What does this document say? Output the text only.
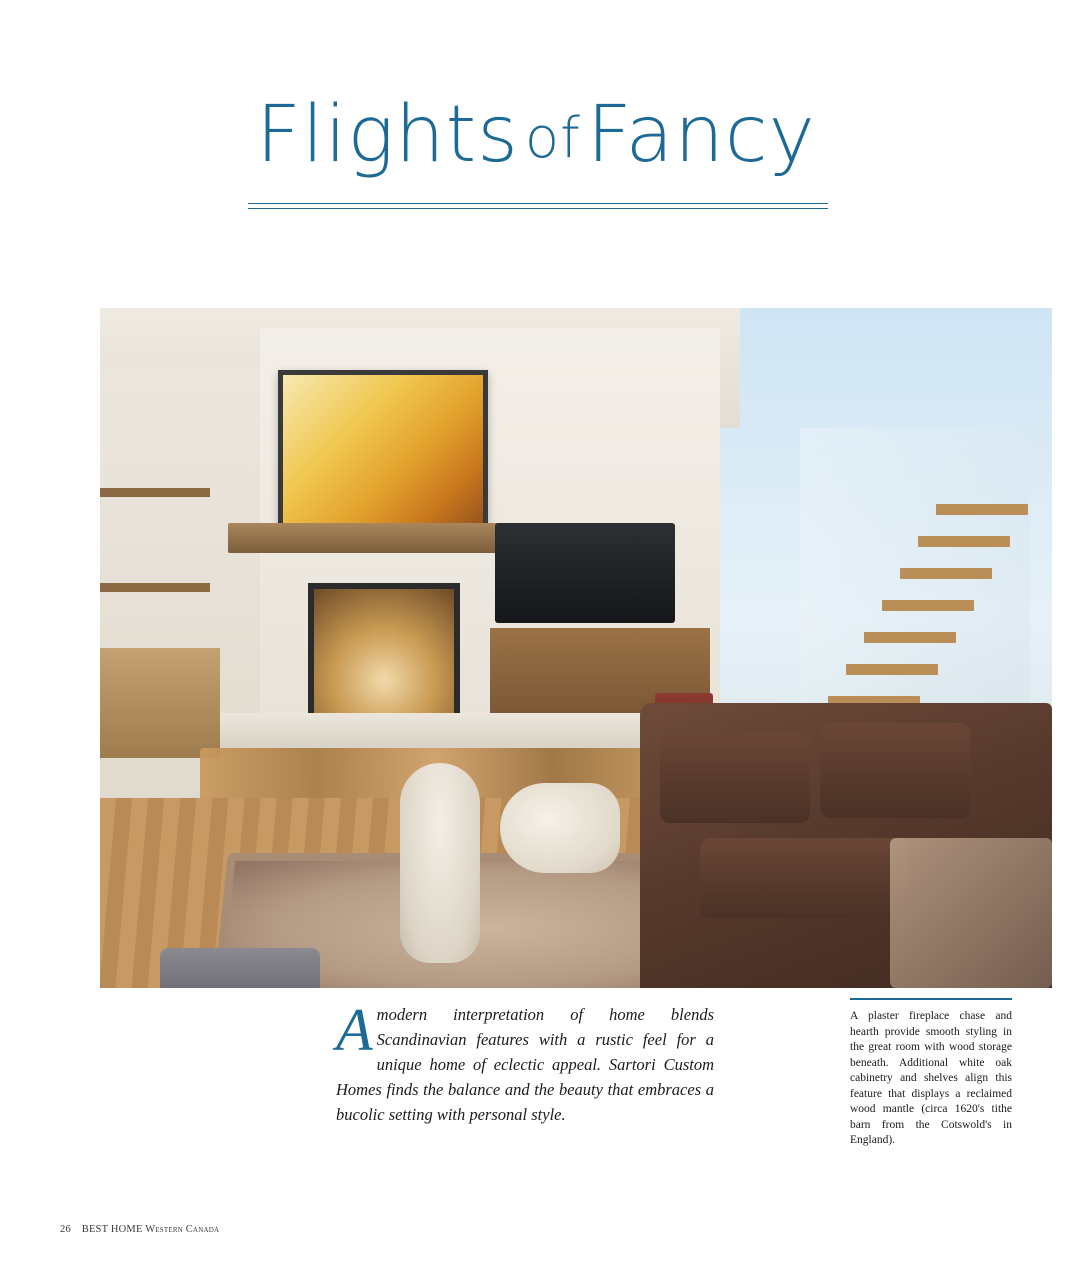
Flights ofFancy
A modern interpretation of home blends Scandinavian features with a rustic feel for a unique home of eclectic appeal. Sartori Custom Homes finds the balance and the beauty that embraces a bucolic setting with personal style.

A plaster fireplace chase and hearth provide smooth styling in the great room with wood storage beneath. Additional white oak cabinetry and shelves align this feature that displays a reclaimed wood mantle (circa 1620's tithe barn from the Cotswold's in England).

26 BEST HOME Western Canada
